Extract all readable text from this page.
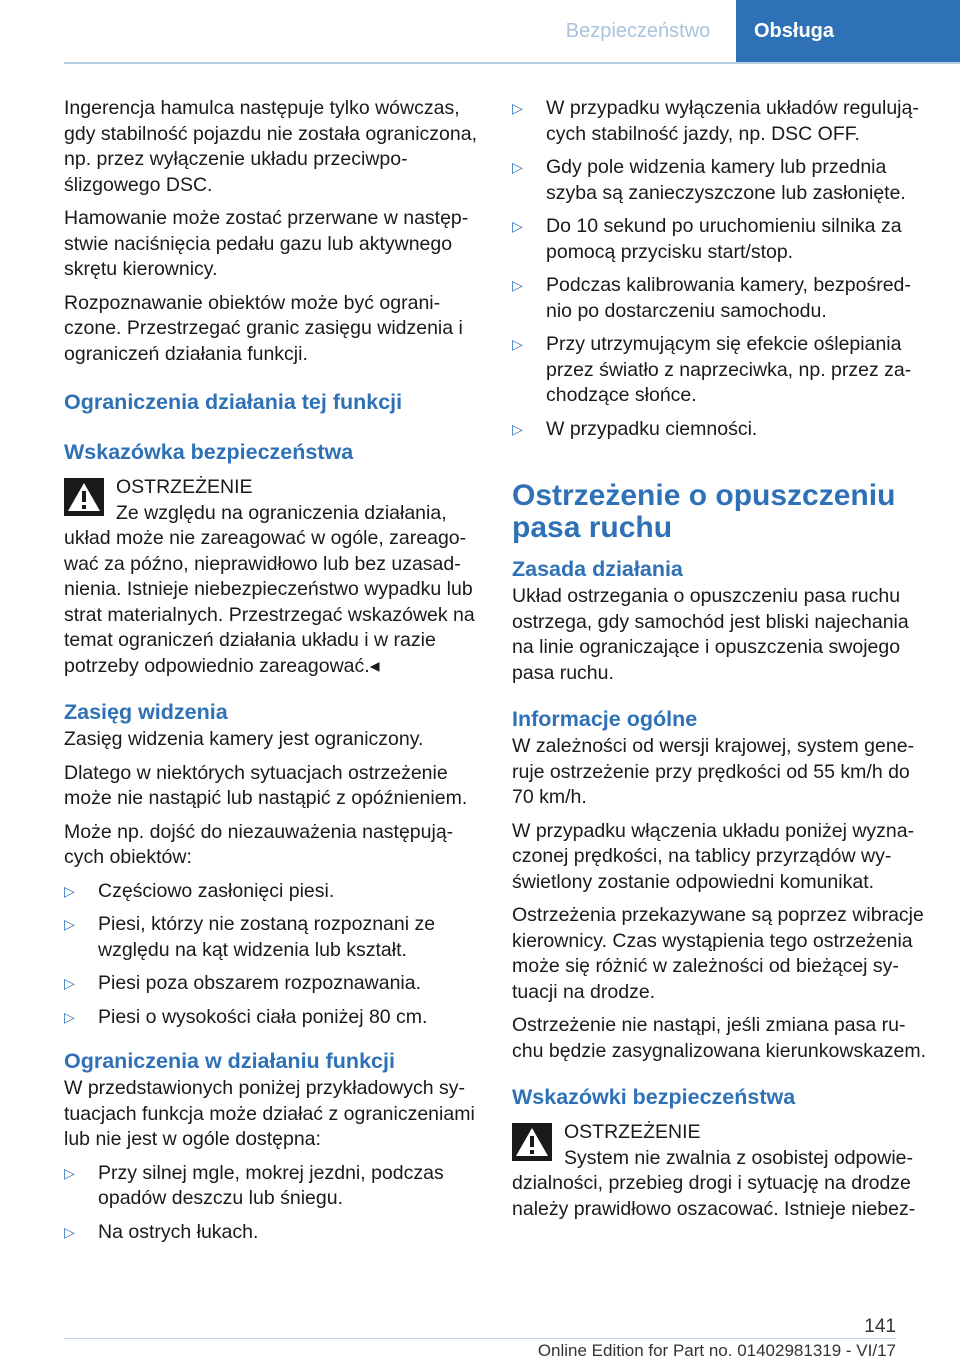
Bezpieczeństwo	Obsługa

Ingerencja hamulca następuje tylko wówczas, gdy stabilność pojazdu nie została ograniczona, np. przez wyłączenie układu przeciwpoślizgowego DSC.

Hamowanie może zostać przerwane w następstwie naciśnięcia pedału gazu lub aktywnego skrętu kierownicy.

Rozpoznawanie obiektów może być ograniczone. Przestrzegać granic zasięgu widzenia i ograniczeń działania funkcji.

Ograniczenia działania tej funkcji
Wskazówka bezpieczeństwa
OSTRZEŻENIE
Ze względu na ograniczenia działania, układ może nie zareagować w ogóle, zareagować za późno, nieprawidłowo lub bez uzasadnienia. Istnieje niebezpieczeństwo wypadku lub strat materialnych. Przestrzegać wskazówek na temat ograniczeń działania układu i w razie potrzeby odpowiednio zareagować.◂
Zasięg widzenia

Zasięg widzenia kamery jest ograniczony.

Dlatego w niektórych sytuacjach ostrzeżenie może nie nastąpić lub nastąpić z opóźnieniem.

Może np. dojść do niezauważenia następujących obiektów:

▷ Częściowo zasłonięci piesi.
▷ Piesi, którzy nie zostaną rozpoznani ze względu na kąt widzenia lub kształt.
▷ Piesi poza obszarem rozpoznawania.
▷ Piesi o wysokości ciała poniżej 80 cm.
Ograniczenia w działaniu funkcji

W przedstawionych poniżej przykładowych sytuacjach funkcja może działać z ograniczeniami lub nie jest w ogóle dostępna:

▷ Przy silnej mgle, mokrej jezdni, podczas opadów deszczu lub śniegu.
▷ Na ostrych łukach.
▷ W przypadku wyłączenia układów regulujących stabilność jazdy, np. DSC OFF.
▷ Gdy pole widzenia kamery lub przednia szyba są zanieczyszczone lub zasłonięte.
▷ Do 10 sekund po uruchomieniu silnika za pomocą przycisku start/stop.
▷ Podczas kalibrowania kamery, bezpośrednio po dostarczeniu samochodu.
▷ Przy utrzymującym się efekcie oślepiania przez światło z naprzeciwka, np. przez zachodzące słońce.
▷ W przypadku ciemności.
Ostrzeżenie o opuszczeniu pasa ruchu
Zasada działania

Układ ostrzegania o opuszczeniu pasa ruchu ostrzega, gdy samochód jest bliski najechania na linie ograniczające i opuszczenia swojego pasa ruchu.

Informacje ogólne

W zależności od wersji krajowej, system generuje ostrzeżenie przy prędkości od 55 km/h do 70 km/h.

W przypadku włączenia układu poniżej wyznaczonej prędkości, na tablicy przyrządów wyświetlony zostanie odpowiedni komunikat.

Ostrzeżenia przekazywane są poprzez wibracje kierownicy. Czas wystąpienia tego ostrzeżenia może się różnić w zależności od bieżącej sytuacji na drodze.

Ostrzeżenie nie nastąpi, jeśli zmiana pasa ruchu będzie zasygnalizowana kierunkowskazem.

Wskazówki bezpieczeństwa
OSTRZEŻENIE
System nie zwalnia z osobistej odpowiedzialności, przebieg drogi i sytuację na drodze należy prawidłowo oszacować. Istnieje niebez-
141
Online Edition for Part no. 01402981319 - VI/17
